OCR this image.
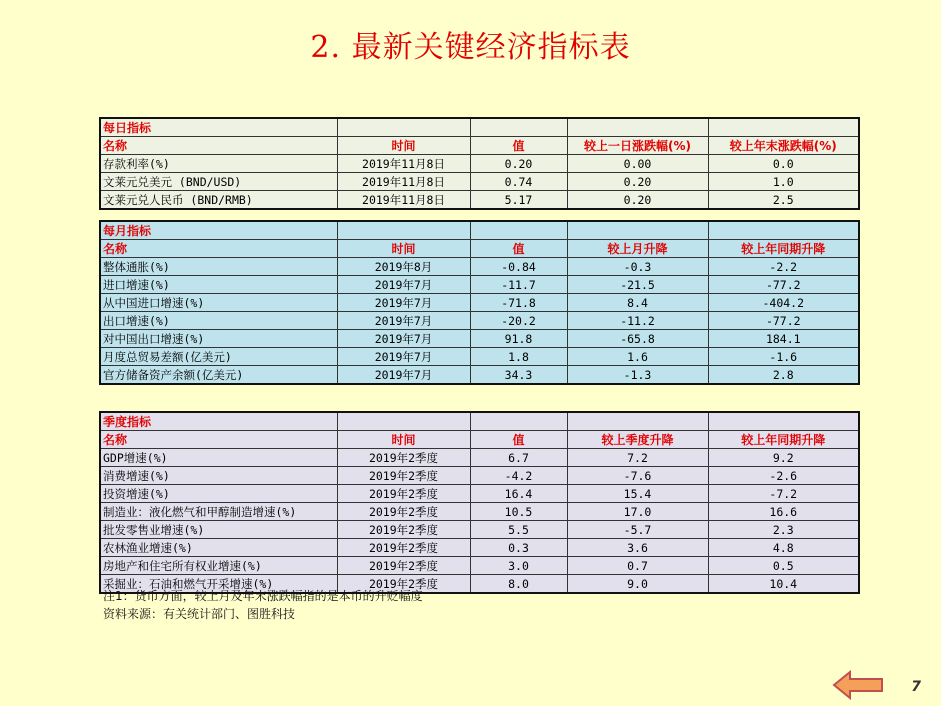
2. 最新关键经济指标表
每日指标				
名称	时间	值	较上一日涨跌幅(%)	较上年末涨跌幅(%)
存款利率(%)	2019年11月8日	0.20	0.00	0.0
文莱元兑美元 (BND/USD)	2019年11月8日	0.74	0.20	1.0
文莱元兑人民币 (BND/RMB)	2019年11月8日	5.17	0.20	2.5
每月指标				
名称	时间	值	较上月升降	较上年同期升降
整体通胀(%)	2019年8月	-0.84	-0.3	-2.2
进口增速(%)	2019年7月	-11.7	-21.5	-77.2
从中国进口增速(%)	2019年7月	-71.8	8.4	-404.2
出口增速(%)	2019年7月	-20.2	-11.2	-77.2
对中国出口增速(%)	2019年7月	91.8	-65.8	184.1
月度总贸易差额(亿美元)	2019年7月	1.8	1.6	-1.6
官方储备资产余额(亿美元)	2019年7月	34.3	-1.3	2.8
季度指标				
名称	时间	值	较上季度升降	较上年同期升降
GDP增速(%)	2019年2季度	6.7	7.2	9.2
消费增速(%)	2019年2季度	-4.2	-7.6	-2.6
投资增速(%)	2019年2季度	16.4	15.4	-7.2
制造业：液化燃气和甲醇制造增速(%)	2019年2季度	10.5	17.0	16.6
批发零售业增速(%)	2019年2季度	5.5	-5.7	2.3
农林渔业增速(%)	2019年2季度	0.3	3.6	4.8
房地产和住宅所有权业增速(%)	2019年2季度	3.0	0.7	0.5
采掘业：石油和燃气开采增速(%)	2019年2季度	8.0	9.0	10.4
注1：货币方面，较上月及年末涨跌幅指的是本币的升贬幅度
资料来源：有关统计部门、图胜科技
7
